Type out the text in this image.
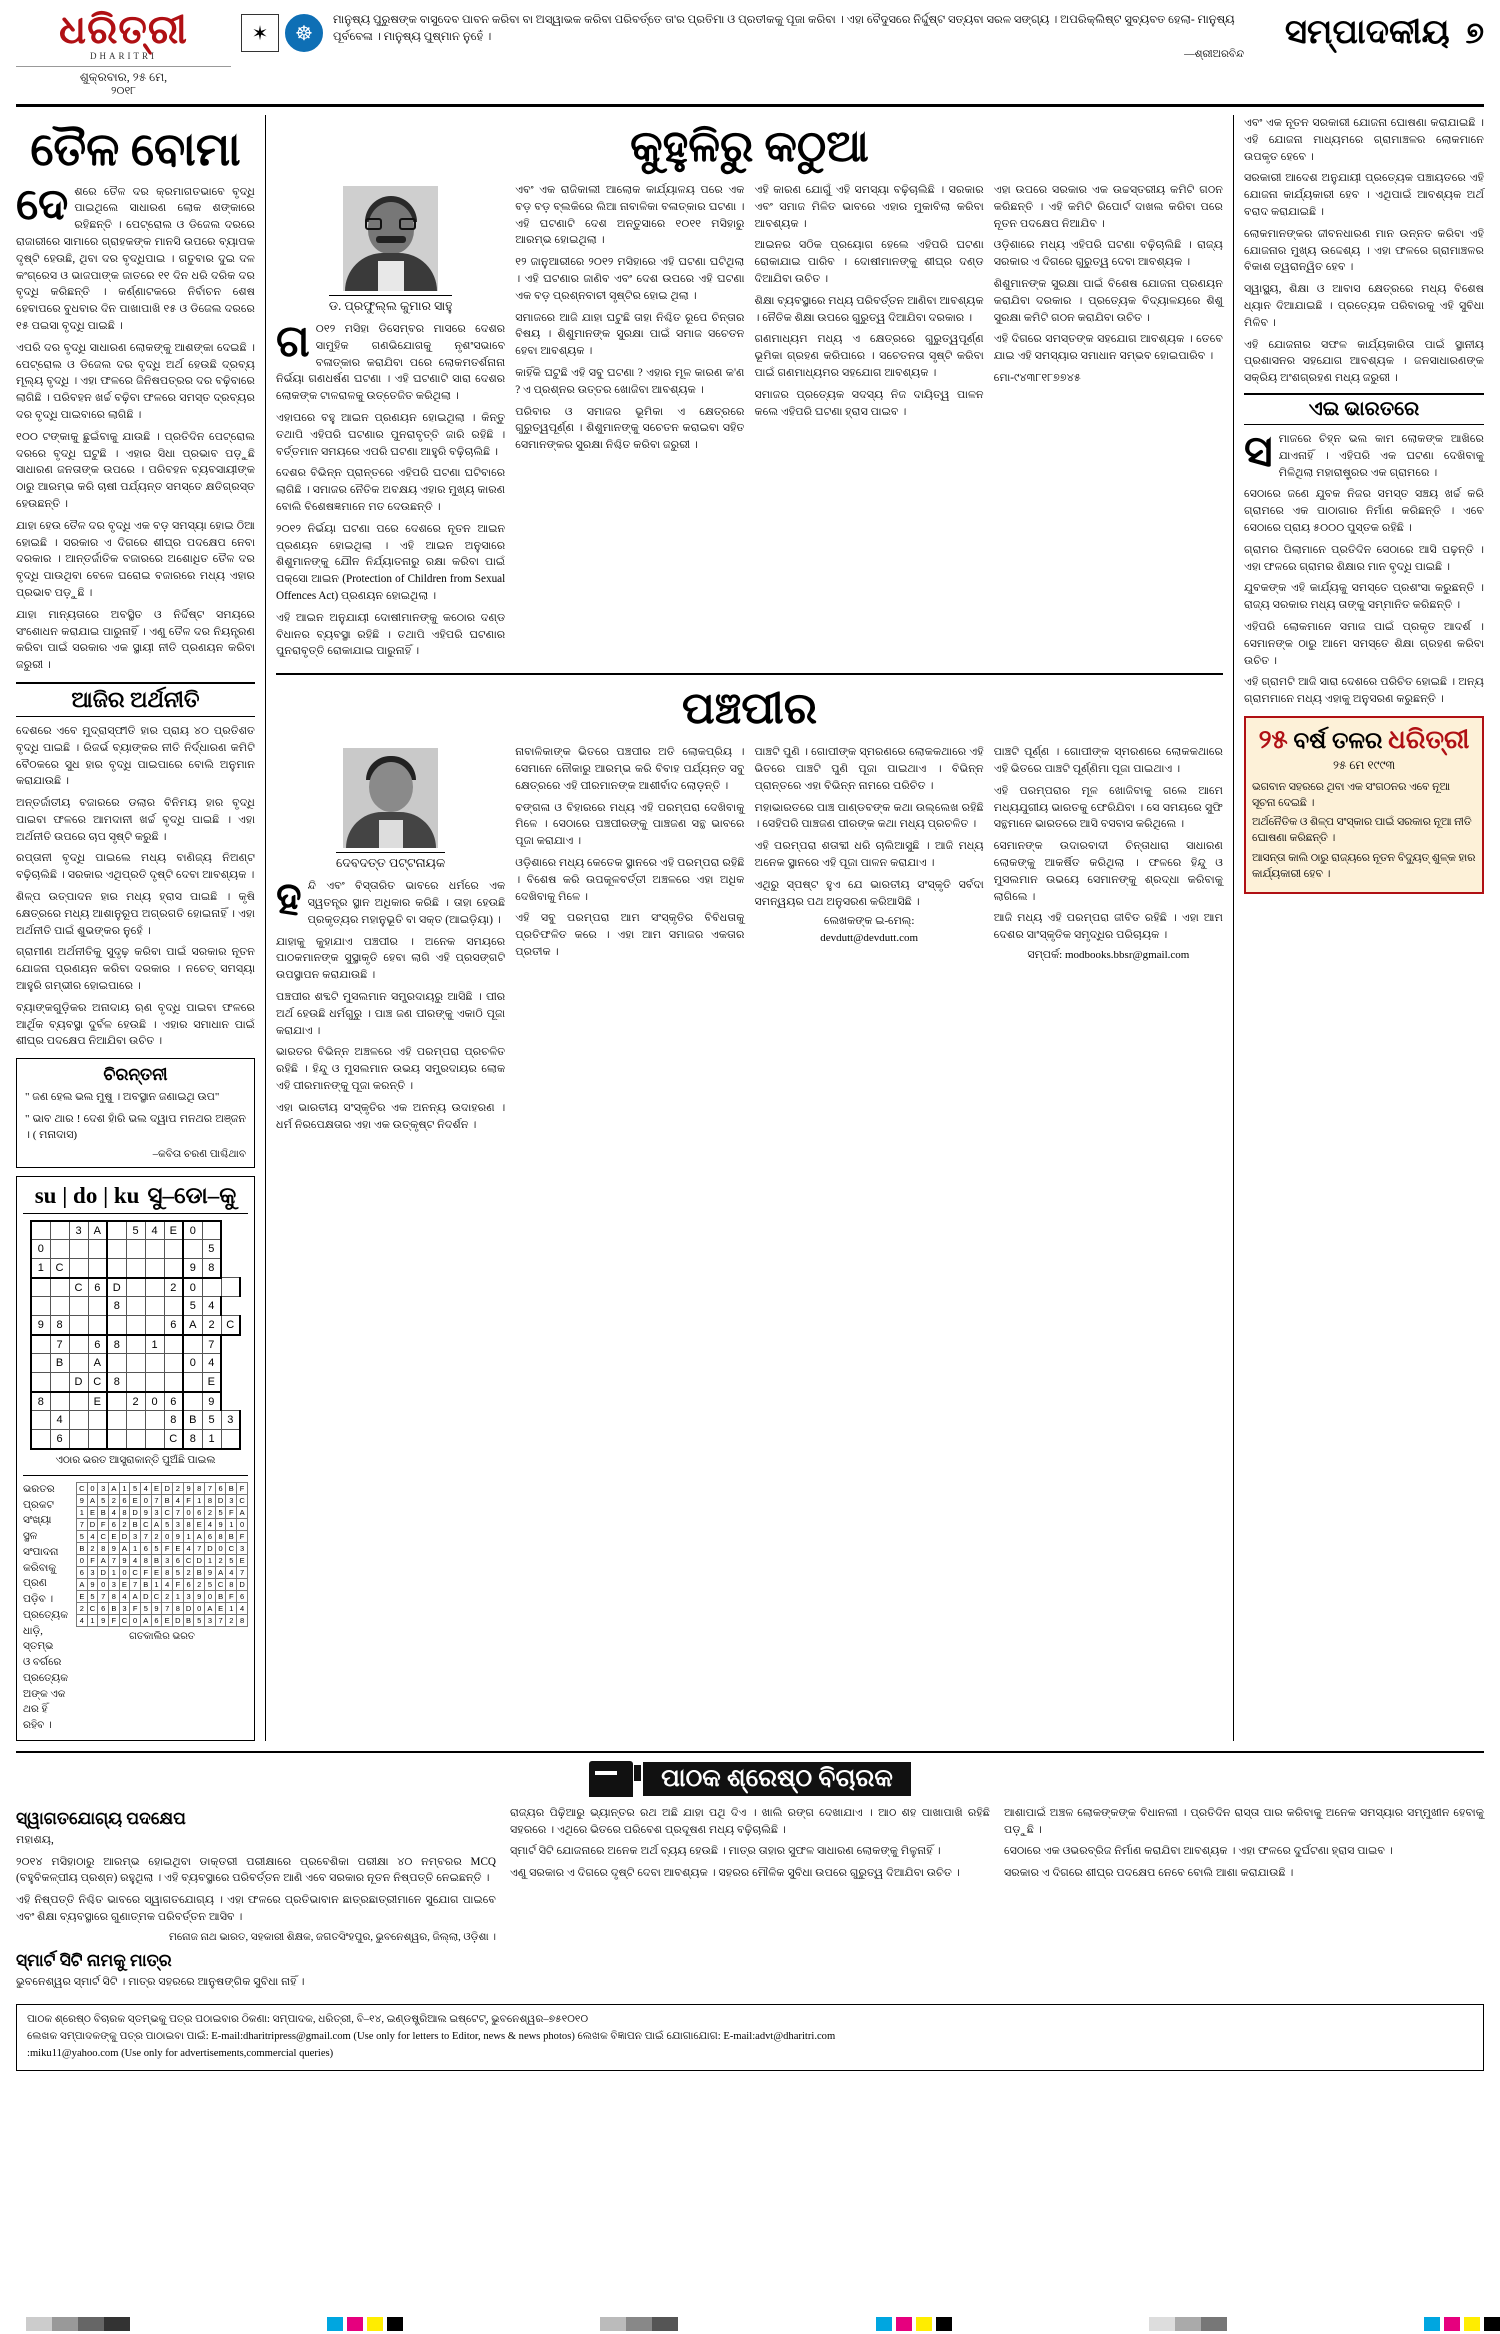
ଧରିତ୍ରୀ
DHARITRI
ଶୁକ୍ରବାର, ୨୫ ମେ,
୨୦୧୮
✶	☸
ମାନୁଷ୍ୟ ପୁରୁଷଙ୍କ ବାସୁଦେବ ପାବନ କରିବା ବା ଅସ୍ୱାଭକ କରିବା ପରିବର୍ତ୍ତେ ତା'ର ପ୍ରତିମା ଓ ପ୍ରତୀକକୁ ପୂଜା କରିବା । ଏହା ବୈଦୁସରେ ନିର୍ଦ୍ଦୁଷ୍ଟ ସତ୍ୟବା ସରଳ ସଙ୍ଗ୍ୟ । ଅପରିକ୍ଲିଷ୍ଟ ସୁବ୍ୟବତ ହେଲା- ମାନୁଷ୍ୟ ପୂର୍ବବେଳା । ମାନୁଷ୍ୟ ପୁଷ୍ମାନ ନୁହେଁ ।
—ଶ୍ରୀଅରବିନ୍ଦ
ସମ୍ପାଦକୀୟ ୭
ତୈଳ ବୋମା

ଦେଶରେ ତୈଳ ଦର କ୍ରମାଗତଭାବେ ବୃଦ୍ଧି ପାଇଥିଲେ ସାଧାରଣ ଲୋକ ଶଙ୍କାରେ ରହିଛନ୍ତି । ପେଟ୍ରୋଲ ଓ ଡିଜେଲ ଦରରେ ରାଜାରୀରେ ସାମାରେ ଗ୍ରାହକଙ୍କ ମାନସି ଉପରେ ବ୍ୟାପକ ଦୃଷ୍ଟି ହେଉଛି, ଥିବା ଦର ବୃଦ୍ଧିପାଇ । ଗତୁବାର ଦୁଇ ଦଳ କଂଗ୍ରେସ ଓ ଭାଜପାଙ୍କ ଜାତରେ ୧୧ ଦିନ ଧରି ଦରିକ ଦର ବୃଦ୍ଧି କରିଛନ୍ତି । କର୍ଣ୍ଣାଟକରେ ନିର୍ବାଚନ ଶେଷ ହେବାପରେ ବୁଧବାର ଦିନ ପାଖାପାଖି ୧୫ ଓ ଡିଜେଲ ଦରରେ ୧୫ ପଇସା ବୃଦ୍ଧି ପାଇଛି ।

ଏପରି ଦର ବୃଦ୍ଧି ସାଧାରଣ ଲୋକଙ୍କୁ ଆଶଙ୍କା ଦେଇଛି । ପେଟ୍ରୋଲ ଓ ଡିଜେଲ ଦର ବୃଦ୍ଧି ଅର୍ଥ ହେଉଛି ଦ୍ରବ୍ୟ ମୂଲ୍ୟ ବୃଦ୍ଧି । ଏହା ଫଳରେ ଜିନିଷପତ୍ରର ଦର ବଢ଼ିବାରେ ଲାଗିଛି । ପରିବହନ ଖର୍ଚ୍ଚ ବଢ଼ିବା ଫଳରେ ସମସ୍ତ ଦ୍ରବ୍ୟର ଦର ବୃଦ୍ଧି ପାଇବାରେ ଲାଗିଛି ।

୧୦୦ ଟଙ୍କାକୁ ଛୁଇଁବାକୁ ଯାଉଛି । ପ୍ରତିଦିନ ପେଟ୍ରୋଲ ଦରରେ ବୃଦ୍ଧି ଘଟୁଛି । ଏହାର ସିଧା ପ୍ରଭାବ ପଡ଼ୁଛି ସାଧାରଣ ଜନତାଙ୍କ ଉପରେ । ପରିବହନ ବ୍ୟବସାୟୀଙ୍କ ଠାରୁ ଆରମ୍ଭ କରି ଚାଷୀ ପର୍ଯ୍ୟନ୍ତ ସମସ୍ତେ କ୍ଷତିଗ୍ରସ୍ତ ହେଉଛନ୍ତି ।

ଯାହା ହେଉ ତୈଳ ଦର ବୃଦ୍ଧି ଏକ ବଡ଼ ସମସ୍ୟା ହୋଇ ଠିଆ ହୋଇଛି । ସରକାର ଏ ଦିଗରେ ଶୀଘ୍ର ପଦକ୍ଷେପ ନେବା ଦରକାର । ଆନ୍ତର୍ଜାତିକ ବଜାରରେ ଅଶୋଧିତ ତୈଳ ଦର ବୃଦ୍ଧି ପାଉଥିବା ବେଳେ ଘରୋଇ ବଜାରରେ ମଧ୍ୟ ଏହାର ପ୍ରଭାବ ପଡ଼ୁଛି ।

ଯାହା ମାନ୍ୟତାରେ ଅବସ୍ଥିତ ଓ ନିର୍ଦ୍ଦିଷ୍ଟ ସମୟରେ ସଂଶୋଧନ କରାଯାଇ ପାରୁନାହିଁ । ଏଣୁ ତୈଳ ଦର ନିୟନ୍ତ୍ରଣ କରିବା ପାଇଁ ସରକାର ଏକ ସ୍ଥାୟୀ ନୀତି ପ୍ରଣୟନ କରିବା ଜରୁରୀ ।

ଆଜିର ଅର୍ଥନୀତି

ଦେଶରେ ଏବେ ମୁଦ୍ରାସ୍ଫୀତି ହାର ପ୍ରାୟ ୪୦ ପ୍ରତିଶତ ବୃଦ୍ଧି ପାଇଛି । ରିଜର୍ଭ ବ୍ୟାଙ୍କର ନୀତି ନିର୍ଦ୍ଧାରଣ କମିଟି ବୈଠକରେ ସୁଧ ହାର ବୃଦ୍ଧି ପାଇପାରେ ବୋଲି ଅନୁମାନ କରାଯାଉଛି ।

ଅନ୍ତର୍ଜାତୀୟ ବଜାରରେ ଡଲାର ବିନିମୟ ହାର ବୃଦ୍ଧି ପାଇବା ଫଳରେ ଆମଦାନୀ ଖର୍ଚ୍ଚ ବୃଦ୍ଧି ପାଇଛି । ଏହା ଅର୍ଥନୀତି ଉପରେ ଚାପ ସୃଷ୍ଟି କରୁଛି ।

ରପ୍ତାନୀ ବୃଦ୍ଧି ପାଇଲେ ମଧ୍ୟ ବାଣିଜ୍ୟ ନିଅଣ୍ଟ ବଢ଼ିଚାଲିଛି । ସରକାର ଏଥିପ୍ରତି ଦୃଷ୍ଟି ଦେବା ଆବଶ୍ୟକ ।

ଶିଳ୍ପ ଉତ୍ପାଦନ ହାର ମଧ୍ୟ ହ୍ରାସ ପାଇଛି । କୃଷି କ୍ଷେତ୍ରରେ ମଧ୍ୟ ଆଶାନୁରୂପ ଅଗ୍ରଗତି ହୋଇନାହିଁ । ଏହା ଅର୍ଥନୀତି ପାଇଁ ଶୁଭଙ୍କର ନୁହେଁ ।

ଗ୍ରାମୀଣ ଅର୍ଥନୀତିକୁ ସୁଦୃଢ଼ କରିବା ପାଇଁ ସରକାର ନୂତନ ଯୋଜନା ପ୍ରଣୟନ କରିବା ଦରକାର । ନଚେତ୍ ସମସ୍ୟା ଆହୁରି ଗମ୍ଭୀର ହୋଇପାରେ ।

ବ୍ୟାଙ୍କଗୁଡ଼ିକର ଅନାଦାୟ ଋଣ ବୃଦ୍ଧି ପାଇବା ଫଳରେ ଆର୍ଥିକ ବ୍ୟବସ୍ଥା ଦୁର୍ବଳ ହେଉଛି । ଏହାର ସମାଧାନ ପାଇଁ ଶୀଘ୍ର ପଦକ୍ଷେପ ନିଆଯିବା ଉଚିତ ।

ଚିରନ୍ତନୀ

" ଜଣ ହେଲ ଭଲ ମୁଷୁ । ଅବସ୍ଥାନ ଜଣାଇଥି ଉପ"

" ଭାବ ଥାର ! ଦେଶ ହାଁରି ଭଲ ଦ୍ୱାପ ମନଥର ଅଞ୍ଜନ । ( ମନାଦାସ)

–କବିତା ଚରଣ ପାଶ୍ଚିଥାବ
su | do | ku ସୁ–ଡୋ–କୁ
		3	A		5	4	E	0		
0									5	
1	C							9	8	
		C	6	D			2	0		
				8				5	4	
9	8						6	A	2	C
	7		6	8		1			7	
	B		A					0	4	
		D	C	8					E	
8			E		2	0	6		9	
	4						8	B	5	3
	6						C	8	1	
ଏଠାର ଭରତ ଆସ୍ତ୍ରାକାନ୍ତି ପୁଅଁଛି ପାଇଲ
ଭରତର ପ୍ରକଟ
ସଂଖ୍ୟା ସ୍ଥଳ
ସଂପାଦନା କରିବାକୁ
ପ୍ରଣ ପଡ଼ିବ ।
ପ୍ରତ୍ୟେକ ଧାଡ଼ି, ସ୍ତମ୍ଭ
ଓ ବର୍ଗରେ
ପ୍ରତ୍ୟେକ ଅଙ୍କ ଏକ
ଥର ହିଁ ରହିବ ।
C	0	3	A	1	5	4	E	D	2	9	8	7	6	B	F
9	A	5	2	6	E	0	7	B	4	F	1	8	D	3	C
1	E	B	4	8	D	9	3	C	7	0	6	2	5	F	A
7	D	F	6	2	B	C	A	5	3	8	E	4	9	1	0
5	4	C	E	D	3	7	2	0	9	1	A	6	8	B	F
B	2	8	9	A	1	6	5	F	E	4	7	D	0	C	3
0	F	A	7	9	4	8	B	3	6	C	D	1	2	5	E
6	3	D	1	0	C	F	E	8	5	2	B	9	A	4	7
A	9	0	3	E	7	B	1	4	F	6	2	5	C	8	D
E	5	7	8	4	A	D	C	2	1	3	9	0	B	F	6
2	C	6	B	3	F	5	9	7	8	D	0	A	E	1	4
4	1	9	F	C	0	A	6	E	D	B	5	3	7	2	8
ଗତକାଲିର ଭରତ
କୁହୁଳିରୁ କଠୁଆ
ଡ. ପ୍ରଫୁଲ୍ଲ କୁମାର ସାହୁ

ଗ ୦୧୨ ମସିହା ଡିସେମ୍ବର ମାସରେ ଦେଶର ସାମୁହିକ ଗଣଭିଯୋଗକୁ ନୃଶଂସଭାବେ ବଳାତ୍କାର କରାଯିବା ପରେ ଲୋକମତର୍ଶନାନା ନିର୍ଭୟା ଗଣଧର୍ଷଣ ଘଟଣା । ଏହି ଘଟଣାଟି ସାରା ଦେଶର ଲୋକଙ୍କ ଟାଳରାଳକୁ ଉତ୍ତେଜିତ କରିଥିଲା ।

ଏହାପରେ ବହୁ ଆଇନ ପ୍ରଣୟନ ହୋଇଥିଲା । କିନ୍ତୁ ତଥାପି ଏହିପରି ଘଟଣାର ପୁନରାବୃତ୍ତି ଜାରି ରହିଛି । ବର୍ତ୍ତମାନ ସମୟରେ ଏପରି ଘଟଣା ଆହୁରି ବଢ଼ିଚାଲିଛି ।

ଦେଶର ବିଭିନ୍ନ ପ୍ରାନ୍ତରେ ଏହିପରି ଘଟଣା ଘଟିବାରେ ଲାଗିଛି । ସମାଜର ନୈତିକ ଅବକ୍ଷୟ ଏହାର ମୁଖ୍ୟ କାରଣ ବୋଲି ବିଶେଷଜ୍ଞମାନେ ମତ ଦେଉଛନ୍ତି ।

୨୦୧୨ ନିର୍ଭୟା ଘଟଣା ପରେ ଦେଶରେ ନୂତନ ଆଇନ ପ୍ରଣୟନ ହୋଇଥିଲା । ଏହି ଆଇନ ଅନୁସାରେ ଶିଶୁମାନଙ୍କୁ ଯୌନ ନିର୍ଯ୍ୟାତନାରୁ ରକ୍ଷା କରିବା ପାଇଁ ପକ୍ସୋ ଆଇନ (Protection of Children from Sexual Offences Act) ପ୍ରଣୟନ ହୋଇଥିଲା ।

ଏହି ଆଇନ ଅନୁଯାୟୀ ଦୋଷୀମାନଙ୍କୁ କଠୋର ଦଣ୍ଡ ବିଧାନର ବ୍ୟବସ୍ଥା ରହିଛି । ତଥାପି ଏହିପରି ଘଟଣାର ପୁନରାବୃତ୍ତି ରୋକାଯାଇ ପାରୁନାହିଁ ।

ଏବଂ ଏକ ରାଜିକାଲୀ ଆଲୋକ କାର୍ଯ୍ୟାଳୟ ପରେ ଏକ ବଡ଼ ବଡ଼ ବ୍ଲକିରେ ଲିଆ ନାବାଳିକା ବଳାତ୍କାର ଘଟଣା । ଏହି ଘଟଣାଟି ଦେଶ ଅନ୍ତୁସାରେ ୧୦୧୧ ମସିହାରୁ ଆରମ୍ଭ ହୋଇଥିଲା ।

୧୨ ଜାନୁଆରୀରେ ୨୦୧୨ ମସିହାରେ ଏହି ଘଟଣା ଘଟିଥିଲା । ଏହି ଘଟଣାର ଜାଣିବ ଏବଂ ଦେଶ ଉପରେ ଏହି ଘଟଣା ଏକ ବଡ଼ ପ୍ରଶ୍ନବାଚୀ ସୃଷ୍ଟିର ହୋଇ ଥିଲା ।

ସମାଜରେ ଆଜି ଯାହା ଘଟୁଛି ତାହା ନିଶ୍ଚିତ ରୂପେ ଚିନ୍ତାର ବିଷୟ । ଶିଶୁମାନଙ୍କ ସୁରକ୍ଷା ପାଇଁ ସମାଜ ସଚେତନ ହେବା ଆବଶ୍ୟକ ।

କାହିଁକି ଘଟୁଛି ଏହି ସବୁ ଘଟଣା ? ଏହାର ମୂଳ କାରଣ କ'ଣ ? ଏ ପ୍ରଶ୍ନର ଉତ୍ତର ଖୋଜିବା ଆବଶ୍ୟକ ।

ପରିବାର ଓ ସମାଜର ଭୂମିକା ଏ କ୍ଷେତ୍ରରେ ଗୁରୁତ୍ୱପୂର୍ଣ୍ଣ । ଶିଶୁମାନଙ୍କୁ ସଚେତନ କରାଇବା ସହିତ ସେମାନଙ୍କର ସୁରକ୍ଷା ନିଶ୍ଚିତ କରିବା ଜରୁରୀ ।

ଏହି କାରଣ ଯୋଗୁଁ ଏହି ସମସ୍ୟା ବଢ଼ିଚାଲିଛି । ସରକାର ଏବଂ ସମାଜ ମିଳିତ ଭାବରେ ଏହାର ମୁକାବିଲା କରିବା ଆବଶ୍ୟକ ।

ଆଇନର ସଠିକ ପ୍ରୟୋଗ ହେଲେ ଏହିପରି ଘଟଣା ରୋକାଯାଇ ପାରିବ । ଦୋଷୀମାନଙ୍କୁ ଶୀଘ୍ର ଦଣ୍ଡ ଦିଆଯିବା ଉଚିତ ।

ଶିକ୍ଷା ବ୍ୟବସ୍ଥାରେ ମଧ୍ୟ ପରିବର୍ତ୍ତନ ଆଣିବା ଆବଶ୍ୟକ । ନୈତିକ ଶିକ୍ଷା ଉପରେ ଗୁରୁତ୍ୱ ଦିଆଯିବା ଦରକାର ।

ଗଣମାଧ୍ୟମ ମଧ୍ୟ ଏ କ୍ଷେତ୍ରରେ ଗୁରୁତ୍ୱପୂର୍ଣ୍ଣ ଭୂମିକା ଗ୍ରହଣ କରିପାରେ । ସଚେତନତା ସୃଷ୍ଟି କରିବା ପାଇଁ ଗଣମାଧ୍ୟମର ସହଯୋଗ ଆବଶ୍ୟକ ।

ସମାଜର ପ୍ରତ୍ୟେକ ସଦସ୍ୟ ନିଜ ଦାୟିତ୍ୱ ପାଳନ କଲେ ଏହିପରି ଘଟଣା ହ୍ରାସ ପାଇବ ।

ଏହା ଉପରେ ସରକାର ଏକ ଉଚ୍ଚସ୍ତରୀୟ କମିଟି ଗଠନ କରିଛନ୍ତି । ଏହି କମିଟି ରିପୋର୍ଟ ଦାଖଲ କରିବା ପରେ ନୂତନ ପଦକ୍ଷେପ ନିଆଯିବ ।

ଓଡ଼ିଶାରେ ମଧ୍ୟ ଏହିପରି ଘଟଣା ବଢ଼ିଚାଲିଛି । ରାଜ୍ୟ ସରକାର ଏ ଦିଗରେ ଗୁରୁତ୍ୱ ଦେବା ଆବଶ୍ୟକ ।

ଶିଶୁମାନଙ୍କ ସୁରକ୍ଷା ପାଇଁ ବିଶେଷ ଯୋଜନା ପ୍ରଣୟନ କରାଯିବା ଦରକାର । ପ୍ରତ୍ୟେକ ବିଦ୍ୟାଳୟରେ ଶିଶୁ ସୁରକ୍ଷା କମିଟି ଗଠନ କରାଯିବା ଉଚିତ ।

ଏହି ଦିଗରେ ସମସ୍ତଙ୍କ ସହଯୋଗ ଆବଶ୍ୟକ । ତେବେ ଯାଇ ଏହି ସମସ୍ୟାର ସମାଧାନ ସମ୍ଭବ ହୋଇପାରିବ ।

ମୋ-୯୪୩୮୧୮୭୭୪୫

ପଞ୍ଚପୀର
ଦେବଦତ୍ତ ପଟ୍ଟନାୟକ

ହନ୍ଦି ଏବଂ ବିସ୍ତାରିତ ଭାବରେ ଧର୍ମରେ ଏକ ସ୍ୱତନ୍ତ୍ର ସ୍ଥାନ ଅଧିକାର କରିଛି । ତାହା ହେଉଛି ପ୍ରକୃତ୍ୟର ମହାନୁଭୂତି ବା ସକ୍ତ (ଆଇଡ଼ିୟା) ।

ଯାହାକୁ କୁହାଯାଏ ପଞ୍ଚପୀର । ଅନେକ ସମୟରେ ପାଠକମାନଙ୍କ ସୁସ୍ଥାକୃତି ହେବା ଲାଗି ଏହି ପ୍ରସଙ୍ଗଟି ଉପସ୍ଥାପନ କରାଯାଉଛି ।

ପଞ୍ଚପୀର ଶବ୍ଦଟି ମୁସଲମାନ ସମ୍ପ୍ରଦାୟରୁ ଆସିଛି । ପୀର ଅର୍ଥ ହେଉଛି ଧର୍ମଗୁରୁ । ପାଞ୍ଚ ଜଣ ପୀରଙ୍କୁ ଏକାଠି ପୂଜା କରାଯାଏ ।

ଭାରତର ବିଭିନ୍ନ ଅଞ୍ଚଳରେ ଏହି ପରମ୍ପରା ପ୍ରଚଳିତ ରହିଛି । ହିନ୍ଦୁ ଓ ମୁସଲମାନ ଉଭୟ ସମ୍ପ୍ରଦାୟର ଲୋକ ଏହି ପୀରମାନଙ୍କୁ ପୂଜା କରନ୍ତି ।

ଏହା ଭାରତୀୟ ସଂସ୍କୃତିର ଏକ ଅନନ୍ୟ ଉଦାହରଣ । ଧର୍ମ ନିରପେକ୍ଷତାର ଏହା ଏକ ଉତ୍କୃଷ୍ଟ ନିଦର୍ଶନ ।

ନାବାଳିକାଙ୍କ ଭିତରେ ପଞ୍ଚପୀର ଅତି ଲୋକପ୍ରିୟ । ସେମାନେ ନୌକାରୁ ଆରମ୍ଭ କରି ବିବାହ ପର୍ଯ୍ୟନ୍ତ ସବୁ କ୍ଷେତ୍ରରେ ଏହି ପୀରମାନଙ୍କ ଆଶୀର୍ବାଦ ଲୋଡ଼ନ୍ତି ।

ବଙ୍ଗଳା ଓ ବିହାରରେ ମଧ୍ୟ ଏହି ପରମ୍ପରା ଦେଖିବାକୁ ମିଳେ । ସେଠାରେ ପଞ୍ଚପୀରଙ୍କୁ ପାଞ୍ଚଜଣ ସନ୍ଥ ଭାବରେ ପୂଜା କରାଯାଏ ।

ଓଡ଼ିଶାରେ ମଧ୍ୟ କେତେକ ସ୍ଥାନରେ ଏହି ପରମ୍ପରା ରହିଛି । ବିଶେଷ କରି ଉପକୂଳବର୍ତ୍ତୀ ଅଞ୍ଚଳରେ ଏହା ଅଧିକ ଦେଖିବାକୁ ମିଳେ ।

ଏହି ସବୁ ପରମ୍ପରା ଆମ ସଂସ୍କୃତିର ବିବିଧତାକୁ ପ୍ରତିଫଳିତ କରେ । ଏହା ଆମ ସମାଜର ଏକତାର ପ୍ରତୀକ ।

ପାଞ୍ଚଟି ପୁଣି । ଗୋପୀଙ୍କ ସ୍ମରଣରେ ଲୋକକଥାରେ ଏହି ଭିତରେ ପାଞ୍ଚଟି ପୁଣି ପୂଜା ପାଇଥାଏ । ବିଭିନ୍ନ ପ୍ରାନ୍ତରେ ଏହା ବିଭିନ୍ନ ନାମରେ ପରିଚିତ ।

ମହାଭାରତରେ ପାଞ୍ଚ ପାଣ୍ଡବଙ୍କ କଥା ଉଲ୍ଲେଖ ରହିଛି । ସେହିପରି ପାଞ୍ଚଜଣ ପୀରଙ୍କ କଥା ମଧ୍ୟ ପ୍ରଚଳିତ ।

ଏହି ପରମ୍ପରା ଶତାବ୍ଦୀ ଧରି ଚାଲିଆସୁଛି । ଆଜି ମଧ୍ୟ ଅନେକ ସ୍ଥାନରେ ଏହି ପୂଜା ପାଳନ କରାଯାଏ ।

ଏଥିରୁ ସ୍ପଷ୍ଟ ହୁଏ ଯେ ଭାରତୀୟ ସଂସ୍କୃତି ସର୍ବଦା ସମନ୍ୱୟର ପଥ ଅନୁସରଣ କରିଆସିଛି ।

ଲେଖକଙ୍କ ଇ-ମେଲ୍:
devdutt@devdutt.com

ପାଞ୍ଚଟି ପୂର୍ଣ୍ଣ । ଗୋପୀଙ୍କ ସ୍ମରଣରେ ଲୋକକଥାରେ ଏହି ଭିତରେ ପାଞ୍ଚଟି ପୂର୍ଣ୍ଣିମା ପୂଜା ପାଇଥାଏ ।

ଏହି ପରମ୍ପରାର ମୂଳ ଖୋଜିବାକୁ ଗଲେ ଆମେ ମଧ୍ୟଯୁଗୀୟ ଭାରତକୁ ଫେରିଯିବା । ସେ ସମୟରେ ସୁଫି ସନ୍ଥମାନେ ଭାରତରେ ଆସି ବସବାସ କରିଥିଲେ ।

ସେମାନଙ୍କ ଉଦାରବାଦୀ ଚିନ୍ତାଧାରା ସାଧାରଣ ଲୋକଙ୍କୁ ଆକର୍ଷିତ କରିଥିଲା । ଫଳରେ ହିନ୍ଦୁ ଓ ମୁସଲମାନ ଉଭୟେ ସେମାନଙ୍କୁ ଶ୍ରଦ୍ଧା କରିବାକୁ ଲାଗିଲେ ।

ଆଜି ମଧ୍ୟ ଏହି ପରମ୍ପରା ଜୀବିତ ରହିଛି । ଏହା ଆମ ଦେଶର ସାଂସ୍କୃତିକ ସମୃଦ୍ଧିର ପରିଚାୟକ ।

ସମ୍ପର୍କ: modbooks.bbsr@gmail.com

ଏବଂ ଏକ ନୂତନ ସରକାରୀ ଯୋଜନା ଘୋଷଣା କରାଯାଇଛି । ଏହି ଯୋଜନା ମାଧ୍ୟମରେ ଗ୍ରାମାଞ୍ଚଳର ଲୋକମାନେ ଉପକୃତ ହେବେ ।

ସରକାରୀ ଆଦେଶ ଅନୁଯାୟୀ ପ୍ରତ୍ୟେକ ପଞ୍ଚାୟତରେ ଏହି ଯୋଜନା କାର୍ଯ୍ୟକାରୀ ହେବ । ଏଥିପାଇଁ ଆବଶ୍ୟକ ଅର୍ଥ ବରାଦ କରାଯାଇଛି ।

ଲୋକମାନଙ୍କର ଜୀବନଧାରଣ ମାନ ଉନ୍ନତ କରିବା ଏହି ଯୋଜନାର ମୁଖ୍ୟ ଉଦ୍ଦେଶ୍ୟ । ଏହା ଫଳରେ ଗ୍ରାମାଞ୍ଚଳର ବିକାଶ ତ୍ୱରାନ୍ୱିତ ହେବ ।

ସ୍ୱାସ୍ଥ୍ୟ, ଶିକ୍ଷା ଓ ଆବାସ କ୍ଷେତ୍ରରେ ମଧ୍ୟ ବିଶେଷ ଧ୍ୟାନ ଦିଆଯାଇଛି । ପ୍ରତ୍ୟେକ ପରିବାରକୁ ଏହି ସୁବିଧା ମିଳିବ ।

ଏହି ଯୋଜନାର ସଫଳ କାର୍ଯ୍ୟକାରିତା ପାଇଁ ସ୍ଥାନୀୟ ପ୍ରଶାସନର ସହଯୋଗ ଆବଶ୍ୟକ । ଜନସାଧାରଣଙ୍କ ସକ୍ରିୟ ଅଂଶଗ୍ରହଣ ମଧ୍ୟ ଜରୁରୀ ।

ଏଇ ଭାରତରେ

ସମାଜରେ ଚିହ୍ନ ଭଲ କାମ ଲୋକଙ୍କ ଆଖିରେ ଯାଏନାହିଁ । ଏହିପରି ଏକ ଘଟଣା ଦେଖିବାକୁ ମିଳିଥିଲା ମହାରାଷ୍ଟ୍ରର ଏକ ଗ୍ରାମରେ ।

ସେଠାରେ ଜଣେ ଯୁବକ ନିଜର ସମସ୍ତ ସଞ୍ଚୟ ଖର୍ଚ୍ଚ କରି ଗ୍ରାମରେ ଏକ ପାଠାଗାର ନିର୍ମାଣ କରିଛନ୍ତି । ଏବେ ସେଠାରେ ପ୍ରାୟ ୫୦୦୦ ପୁସ୍ତକ ରହିଛି ।

ଗ୍ରାମର ପିଲାମାନେ ପ୍ରତିଦିନ ସେଠାରେ ଆସି ପଢ଼ନ୍ତି । ଏହା ଫଳରେ ଗ୍ରାମର ଶିକ୍ଷାର ମାନ ବୃଦ୍ଧି ପାଇଛି ।

ଯୁବକଙ୍କ ଏହି କାର୍ଯ୍ୟକୁ ସମସ୍ତେ ପ୍ରଶଂସା କରୁଛନ୍ତି । ରାଜ୍ୟ ସରକାର ମଧ୍ୟ ତାଙ୍କୁ ସମ୍ମାନିତ କରିଛନ୍ତି ।

ଏହିପରି ଲୋକମାନେ ସମାଜ ପାଇଁ ପ୍ରକୃତ ଆଦର୍ଶ । ସେମାନଙ୍କ ଠାରୁ ଆମେ ସମସ୍ତେ ଶିକ୍ଷା ଗ୍ରହଣ କରିବା ଉଚିତ ।

ଏହି ଗ୍ରାମଟି ଆଜି ସାରା ଦେଶରେ ପରିଚିତ ହୋଇଛି । ଅନ୍ୟ ଗ୍ରାମମାନେ ମଧ୍ୟ ଏହାକୁ ଅନୁସରଣ କରୁଛନ୍ତି ।

୨୫ ବର୍ଷ ତଳର ଧରିତ୍ରୀ
୨୫ ମେ ୧୯୯୩
ଭଗବାନ ସହରରେ ଥିବା ଏକ ସଂଗଠନର ଏବେ ନୂଆ ସୂଚନା ଦେଇଛି ।
ଅର୍ଥନୈତିକ ଓ ଶିଳ୍ପ ସଂସ୍କାର ପାଇଁ ସରକାର ନୂଆ ନୀତି ଘୋଷଣା କରିଛନ୍ତି ।
ଆସନ୍ତା କାଲି ଠାରୁ ରାଜ୍ୟରେ ନୂତନ ବିଦ୍ୟୁତ୍ ଶୁଳ୍କ ହାର କାର୍ଯ୍ୟକାରୀ ହେବ ।
ପାଠକ ଶ୍ରେଷ୍ଠ ବିଚାରକ
ସ୍ୱାଗତଯୋଗ୍ୟ ପଦକ୍ଷେପ

ମହାଶୟ,

୨୦୧୪ ମସିହାଠାରୁ ଆରମ୍ଭ ହୋଇଥିବା ଡାକ୍ତରୀ ପରୀକ୍ଷାରେ ପ୍ରବେଶିକା ପରୀକ୍ଷା ୪୦ ନମ୍ବରର MCQ (ବହୁବିକଳ୍ପୀୟ ପ୍ରଶ୍ନ) ରହୁଥିଲା । ଏହି ବ୍ୟବସ୍ଥାରେ ପରିବର୍ତ୍ତନ ଆଣି ଏବେ ସରକାର ନୂତନ ନିଷ୍ପତ୍ତି ନେଇଛନ୍ତି ।

ଏହି ନିଷ୍ପତ୍ତି ନିଶ୍ଚିତ ଭାବରେ ସ୍ୱାଗତଯୋଗ୍ୟ । ଏହା ଫଳରେ ପ୍ରତିଭାବାନ ଛାତ୍ରଛାତ୍ରୀମାନେ ସୁଯୋଗ ପାଇବେ ଏବଂ ଶିକ୍ଷା ବ୍ୟବସ୍ଥାରେ ଗୁଣାତ୍ମକ ପରିବର୍ତ୍ତନ ଆସିବ ।

ମନୋଜ ନାଥ ଭାରତ, ସହକାରୀ ଶିକ୍ଷକ, ଜଗତସିଂହପୁର, ଭୁବନେଶ୍ୱର, ଜିଲ୍ଲା, ଓଡ଼ିଶା ।
ସ୍ମାର୍ଟ ସିଟି ନାମକୁ ମାତ୍ର

ଭୁବନେଶ୍ୱର ସ୍ମାର୍ଟ ସିଟି । ମାତ୍ର ସହରରେ ଆନୁଷଙ୍ଗିକ ସୁବିଧା ନାହିଁ ।

ରାଜ୍ୟର ପିଢ଼ିଆରୁ ଭ୍ୟାନ୍ତର ରଥ ଅଛି ଯାହା ପଥି ଦିଏ । ଖାଲି ରଙ୍ଗ ଦେଖାଯାଏ । ଆଠ ଶହ ପାଖାପାଖି ରହିଛି ସହରରେ । ଏଥିରେ ଭିତରେ ପରିବେଶ ପ୍ରଦୂଷଣ ମଧ୍ୟ ବଢ଼ିଚାଲିଛି ।

ସ୍ମାର୍ଟ ସିଟି ଯୋଜନାରେ ଅନେକ ଅର୍ଥ ବ୍ୟୟ ହେଉଛି । ମାତ୍ର ତାହାର ସୁଫଳ ସାଧାରଣ ଲୋକଙ୍କୁ ମିଳୁନାହିଁ ।

ଏଣୁ ସରକାର ଏ ଦିଗରେ ଦୃଷ୍ଟି ଦେବା ଆବଶ୍ୟକ । ସହରର ମୌଳିକ ସୁବିଧା ଉପରେ ଗୁରୁତ୍ୱ ଦିଆଯିବା ଉଚିତ ।

ଆଶାପାଇଁ ଅଞ୍ଚଳ ଲୋକଙ୍କଙ୍କ ବିଧାନଲୀ । ପ୍ରତିଦିନ ରାସ୍ତା ପାର କରିବାକୁ ଅନେକ ସମସ୍ୟାର ସମ୍ମୁଖୀନ ହେବାକୁ ପଡ଼ୁଛି ।

ସେଠାରେ ଏକ ଓଭରବ୍ରିଜ ନିର୍ମାଣ କରାଯିବା ଆବଶ୍ୟକ । ଏହା ଫଳରେ ଦୁର୍ଘଟଣା ହ୍ରାସ ପାଇବ ।

ସରକାର ଏ ଦିଗରେ ଶୀଘ୍ର ପଦକ୍ଷେପ ନେବେ ବୋଲି ଆଶା କରାଯାଉଛି ।

ପାଠକ ଶ୍ରେଷ୍ଠ ବିଚାରକ ସ୍ତମ୍ଭକୁ ପତ୍ର ପଠାଇବାର ଠିକଣା: ସମ୍ପାଦକ, ଧରିତ୍ରୀ, ବି–୧୪, ଇଣ୍ଡଷ୍ଟ୍ରିଆଲ ଇଷ୍ଟେଟ୍, ଭୁବନେଶ୍ୱର–୭୫୧୦୧୦
ଲେଖକ ସମ୍ପାଦକଙ୍କୁ ପତ୍ର ପାଠାଇବା ପାଇଁ: E-mail:dharitripress@gmail.com (Use only for letters to Editor, news & news photos) ଲେଖକ ବିଜ୍ଞାପନ ପାଇଁ ଯୋଗାଯୋଗ: E-mail:advt@dharitri.com
:miku11@yahoo.com (Use only for advertisements,commercial queries)
